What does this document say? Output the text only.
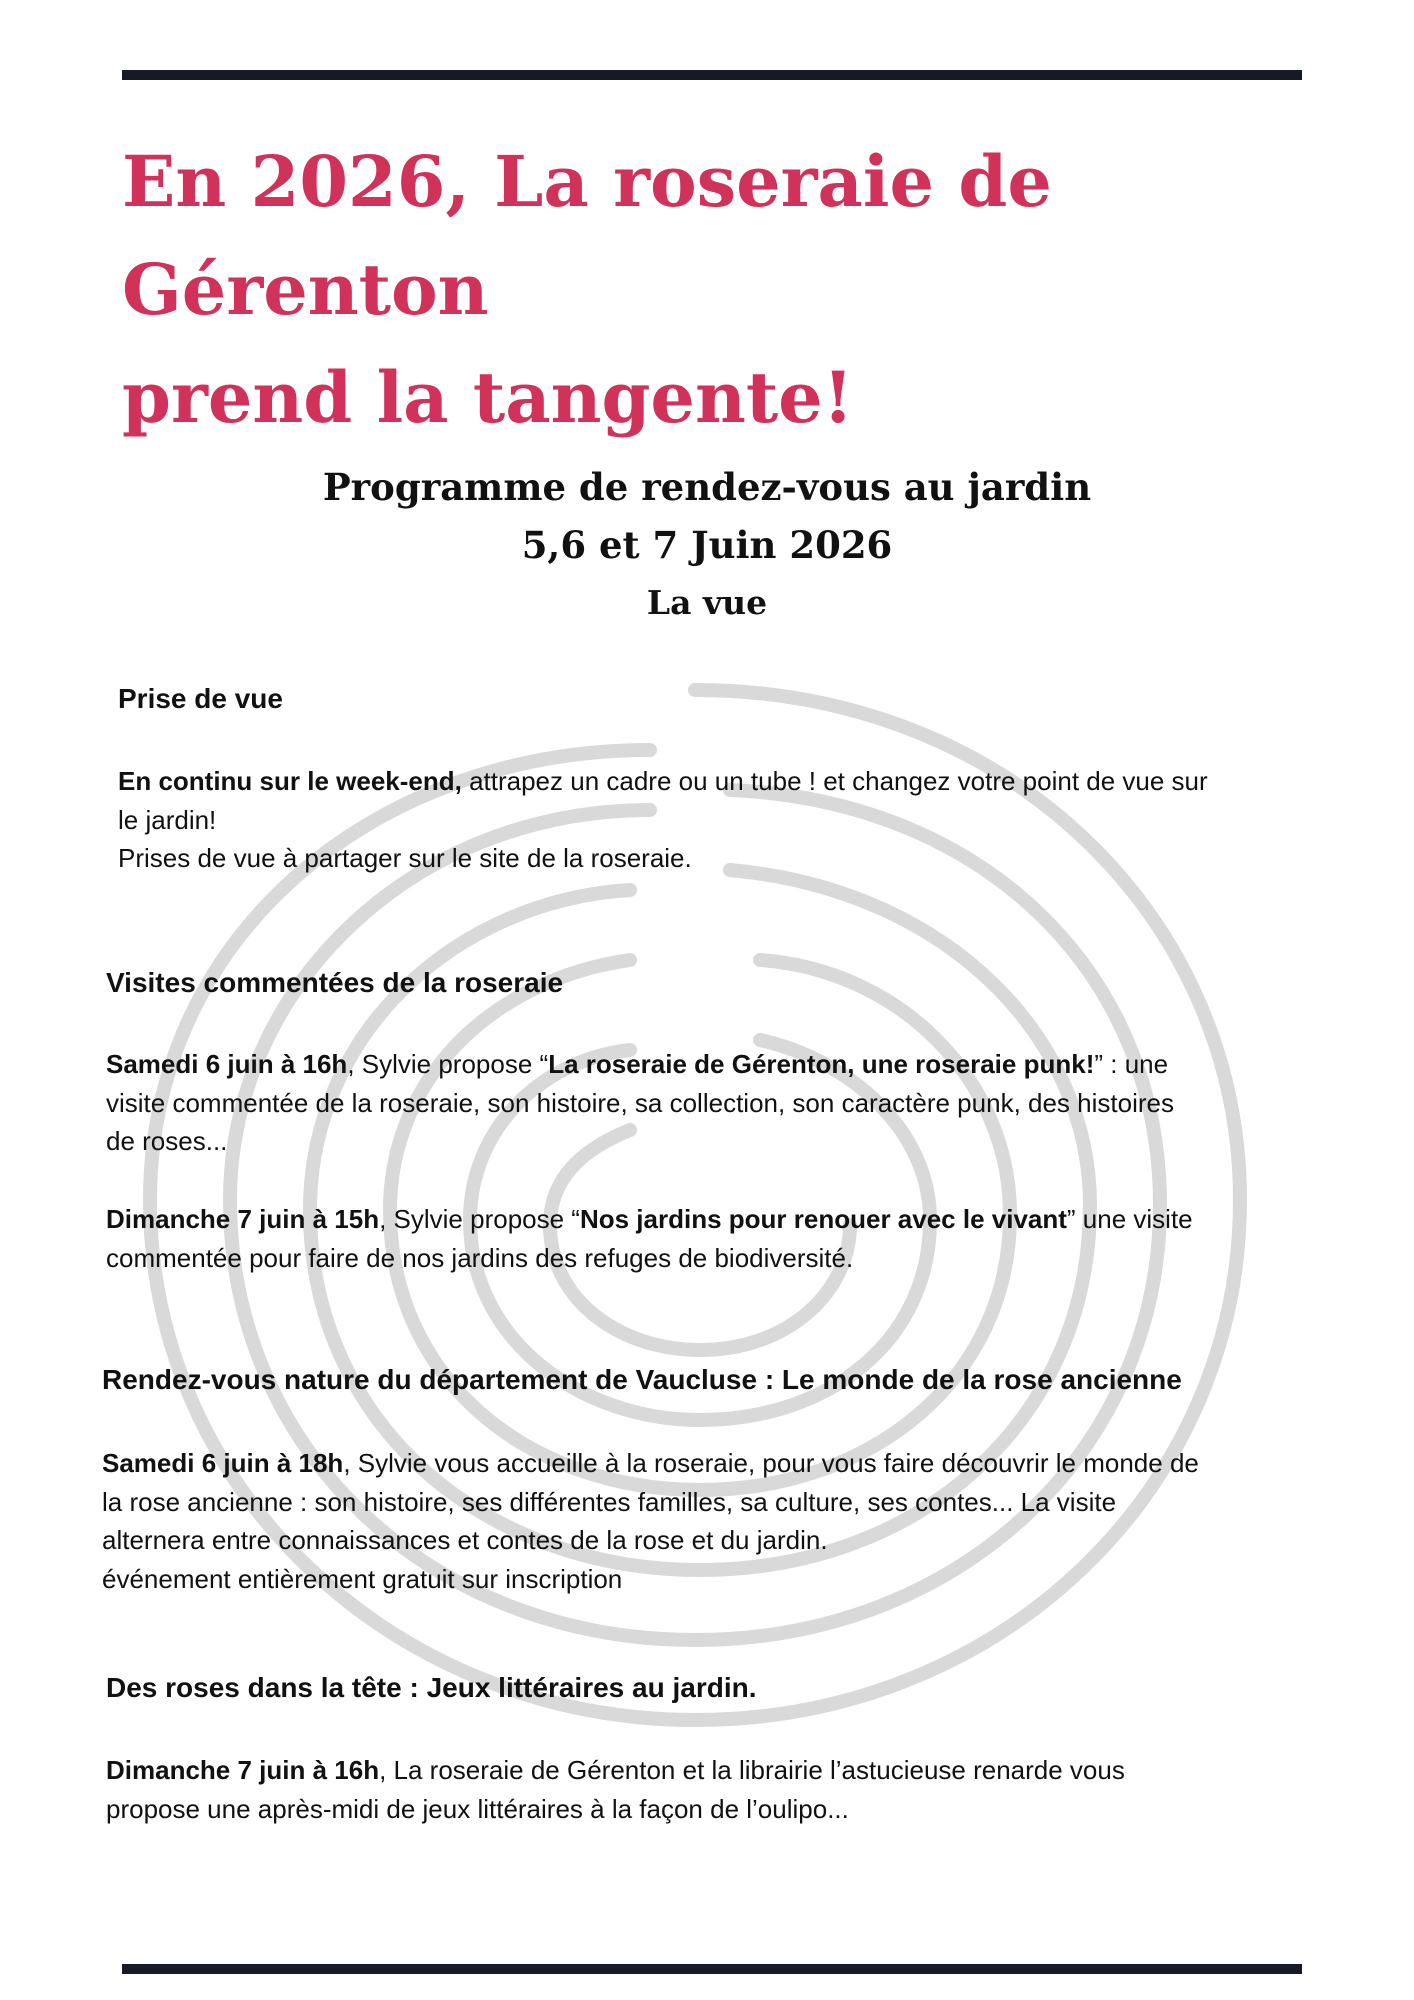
En 2026, La roseraie de Gérenton
prend la tangente!
Programme de rendez-vous au jardin
5,6 et 7 Juin 2026
La vue
Prise de vue

En continu sur le week-end, attrapez un cadre ou un tube ! et changez votre point de vue sur
le jardin!
Prises de vue à partager sur le site de la roseraie.

Visites commentées de la roseraie

Samedi 6 juin à 16h, Sylvie propose “La roseraie de Gérenton, une roseraie punk!” : une
visite commentée de la roseraie, son histoire, sa collection, son caractère punk, des histoires
de roses...

Dimanche 7 juin à 15h, Sylvie propose “Nos jardins pour renouer avec le vivant” une visite
commentée pour faire de nos jardins des refuges de biodiversité.

Rendez-vous nature du département de Vaucluse : Le monde de la rose ancienne

Samedi 6 juin à 18h, Sylvie vous accueille à la roseraie, pour vous faire découvrir le monde de
la rose ancienne : son histoire, ses différentes familles, sa culture, ses contes... La visite
alternera entre connaissances et contes de la rose et du jardin.
événement entièrement gratuit sur inscription

Des roses dans la tête : Jeux littéraires au jardin.

Dimanche 7 juin à 16h, La roseraie de Gérenton et la librairie l’astucieuse renarde vous
propose une après-midi de jeux littéraires à la façon de l’oulipo...
